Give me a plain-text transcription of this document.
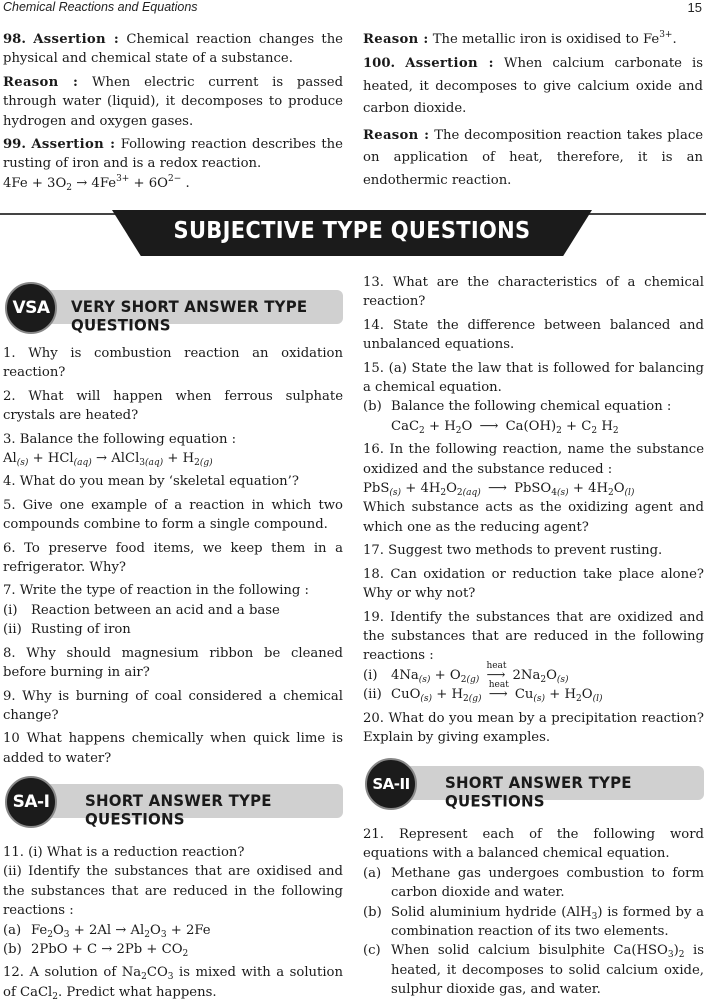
Chemical Reactions and Equations	15

98. Assertion : Chemical reaction changes the physical and chemical state of a substance.

Reason : When electric current is passed through water (liquid), it decomposes to produce hydrogen and oxygen gases.

99. Assertion : Following reaction describes the rusting of iron and is a redox reaction.

$4Fe + 3O_2 \to 4Fe^{3+} + 6O^{2-}$ .

Reason : The metallic iron is oxidised to $Fe^{3+}$.

100. Assertion : When calcium carbonate is heated, it decomposes to give calcium oxide and carbon dioxide.

Reason : The decomposition reaction takes place on application of heat, therefore, it is an endothermic reaction.

SUBJECTIVE TYPE QUESTIONS
VSA VERY SHORT ANSWER TYPE QUESTIONS

1. Why is combustion reaction an oxidation reaction?

2. What will happen when ferrous sulphate crystals are heated?

3. Balance the following equation :

$Al_{(s)} + HCl_{(aq)}$ → AlCl$_{3(aq)}$ + $H_{2(g)}$

4. What do you mean by ‘skeletal equation’?

5. Give one example of a reaction in which two compounds combine to form a single compound.

6. To preserve food items, we keep them in a refrigerator. Why?

7. Write the type of reaction in the following :

(i)	Reaction between an acid and a base
(ii) Rusting of iron

8. Why should magnesium ribbon be cleaned before burning in air?

9. Why is burning of coal considered a chemical change?

10 What happens chemically when quick lime is added to water?

SA-I SHORT ANSWER TYPE QUESTIONS

11. (i) What is a reduction reaction?

(ii) Identify the substances that are oxidised and the substances that are reduced in the following reactions :

(a) $Fe_2O_3 + 2Al \to Al_2O_3 + 2Fe$
(b) $2PbO + C \to 2Pb + CO_2$

12. A solution of $Na_2CO_3$ is mixed with a solution of CaCl$_2$. Predict what happens.

13. What are the characteristics of a chemical reaction?

14. State the difference between balanced and unbalanced equations.

15. (a) State the law that is followed for balancing a chemical equation.

(b) Balance the following chemical equation :

$CaC_2 + H_2O$ ⟶ $Ca(OH)_2 + C_2$ $H_2$

16. In the following reaction, name the substance oxidized and the substance reduced :

$PbS_{(s)} + 4H_2O_{2(aq)}$ ⟶ PbSO$_{4(s)}$ + $4H_2O_{(l)}$

Which substance acts as the oxidizing agent and which one as the reducing agent?

17. Suggest two methods to prevent rusting.

18. Can oxidation or reduction take place alone? Why or why not?

19. Identify the substances that are oxidized and the substances that are reduced in the following reactions :

(i)	$4Na_{(s)} + O_{2(g)}$
heat
⟶ $2Na_2O_{(s)}$
(ii) $CuO_{(s)} + H_{2(g)}$
heat
⟶ $Cu_{(s)} + H_2O_{(l)}$

20. What do you mean by a precipitation reaction? Explain by giving examples.

SA-II SHORT ANSWER TYPE QUESTIONS

21. Represent each of the following word equations with a balanced chemical equation.

(a) Methane gas undergoes combustion to form carbon dioxide and water.
(b) Solid aluminium hydride (AlH$_3$) is formed by a combination reaction of its two elements.
(c) When solid calcium bisulphite $Ca(HSO_3)_2$ is heated, it decomposes to solid calcium oxide, sulphur dioxide gas, and water.
